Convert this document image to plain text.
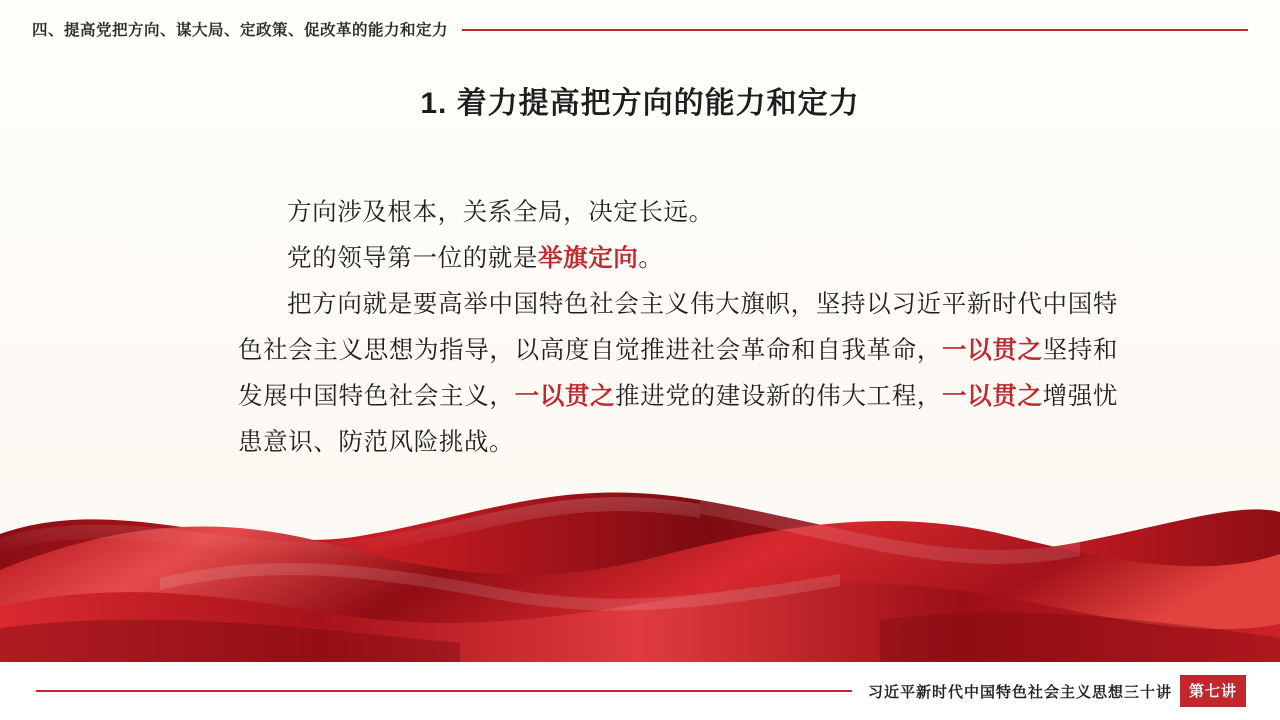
四、提高党把方向、谋大局、定政策、促改革的能力和定力
1. 着力提高把方向的能力和定力

方向涉及根本，关系全局，决定长远。

党的领导第一位的就是举旗定向。

把方向就是要高举中国特色社会主义伟大旗帜，坚持以习近平新时代中国特色社会主义思想为指导，以高度自觉推进社会革命和自我革命，一以贯之坚持和发展中国特色社会主义，一以贯之推进党的建设新的伟大工程，一以贯之增强忧患意识、防范风险挑战。

习近平新时代中国特色社会主义思想三十讲	第七讲
